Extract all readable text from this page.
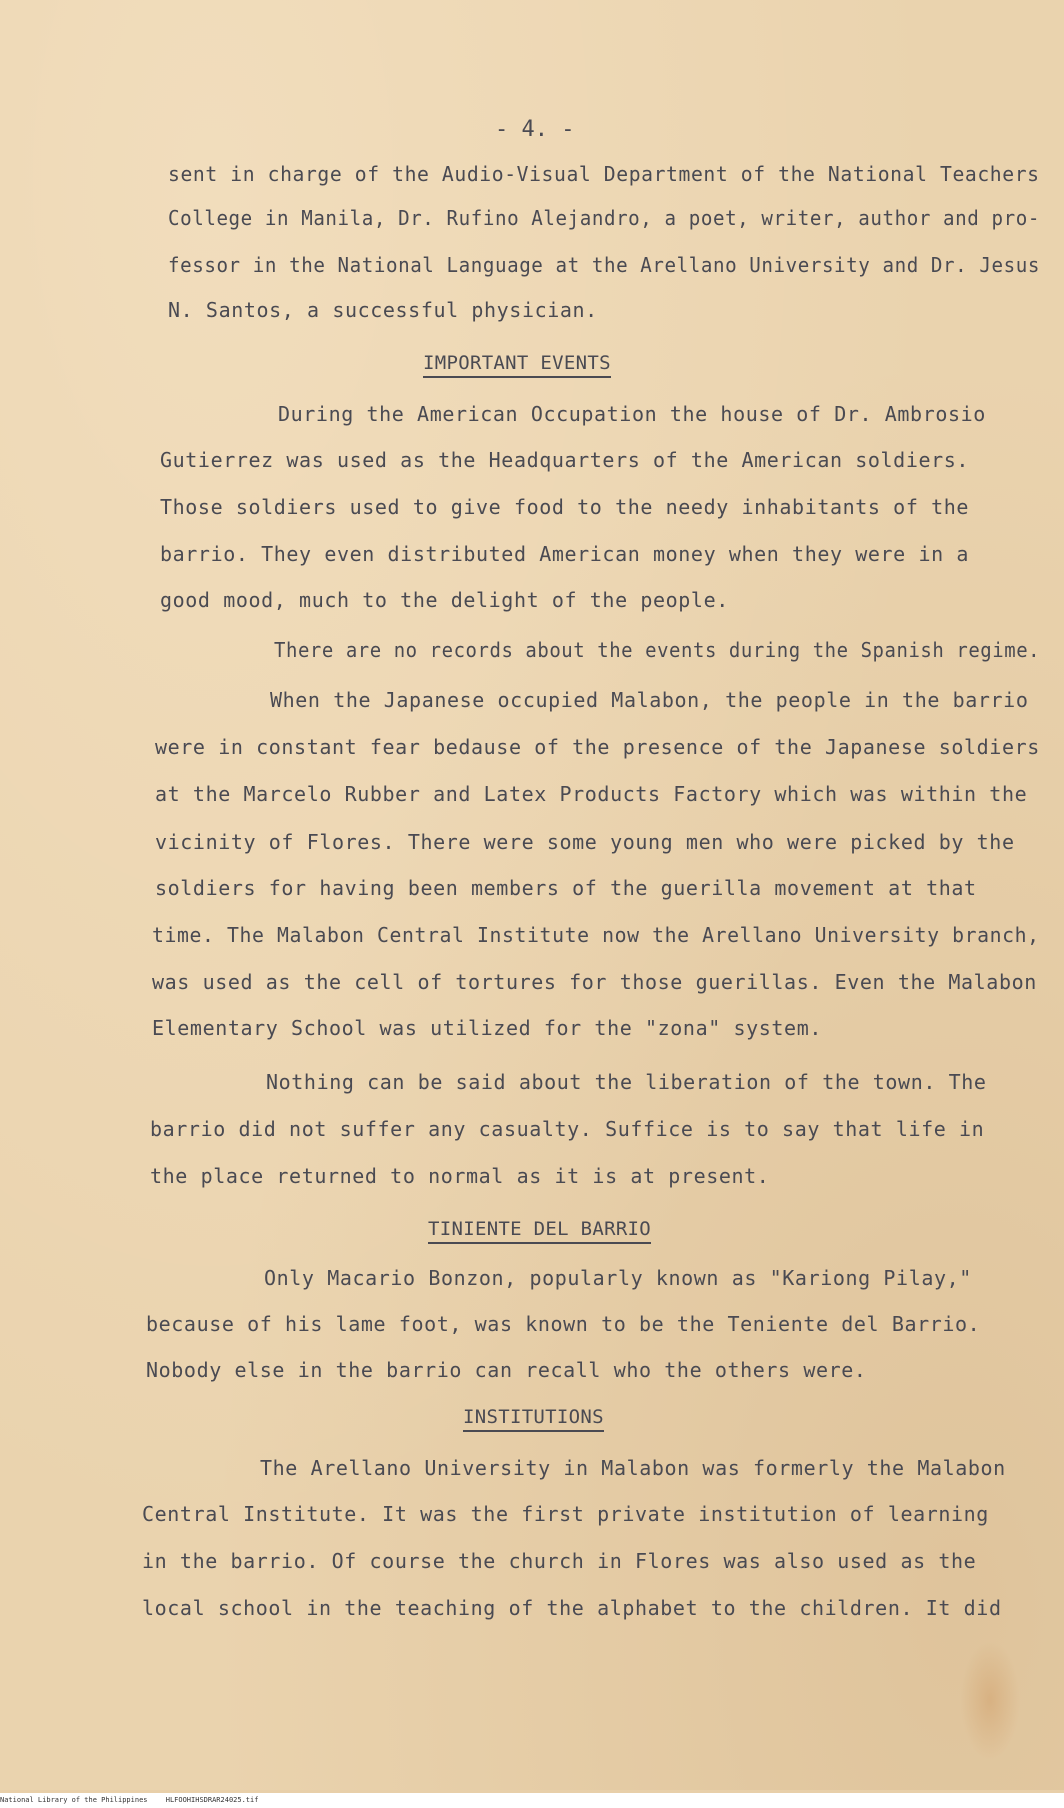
- 4. -
sent in charge of the Audio-Visual Department of the National Teachers
College in Manila, Dr. Rufino Alejandro, a poet, writer, author and pro-
fessor in the National Language at the Arellano University and Dr. Jesus
N. Santos, a successful physician.
IMPORTANT EVENTS
During the American Occupation the house of Dr. Ambrosio
Gutierrez was used as the Headquarters of the American soldiers.
Those soldiers used to give food to the needy inhabitants of the
barrio. They even distributed American money when they were in a
good mood, much to the delight of the people.
There are no records about the events during the Spanish regime.
When the Japanese occupied Malabon, the people in the barrio
were in constant fear bedause of the presence of the Japanese soldiers
at the Marcelo Rubber and Latex Products Factory which was within the
vicinity of Flores. There were some young men who were picked by the
soldiers for having been members of the guerilla movement at that
time. The Malabon Central Institute now the Arellano University branch,
was used as the cell of tortures for those guerillas. Even the Malabon
Elementary School was utilized for the "zona" system.
Nothing can be said about the liberation of the town. The
barrio did not suffer any casualty. Suffice is to say that life in
the place returned to normal as it is at present.
TINIENTE DEL BARRIO
Only Macario Bonzon, popularly known as "Kariong Pilay,"
because of his lame foot, was known to be the Teniente del Barrio.
Nobody else in the barrio can recall who the others were.
INSTITUTIONS
The Arellano University in Malabon was formerly the Malabon
Central Institute. It was the first private institution of learning
in the barrio. Of course the church in Flores was also used as the
local school in the teaching of the alphabet to the children. It did
National Library of the Philippines	HLFOOHIHSDRAR24025.tif
